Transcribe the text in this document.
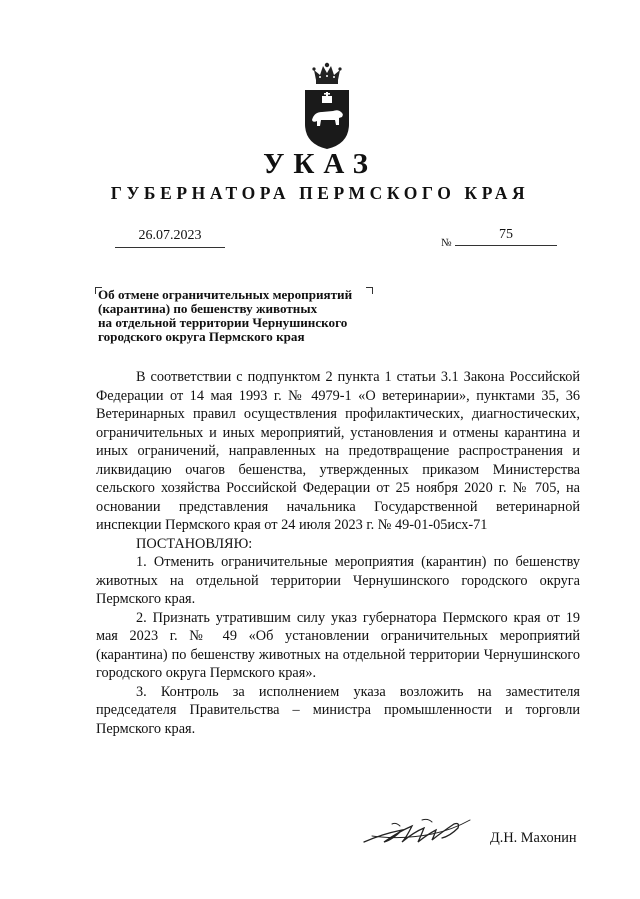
УКАЗ
ГУБЕРНАТОРА ПЕРМСКОГО КРАЯ
26.07.2023	№
75
Об отмене ограничительных мероприятий
(карантина) по бешенству животных
на отдельной территории Чернушинского
городского округа Пермского края

В соответствии с подпунктом 2 пункта 1 статьи 3.1 Закона Российской Федерации от 14 мая 1993 г. № 4979-1 «О ветеринарии», пунктами 35, 36 Ветеринарных правил осуществления профилактических, диагностических, ограничительных и иных мероприятий, установления и отмены карантина и иных ограничений, направленных на предотвращение распространения и ликвидацию очагов бешенства, утвержденных приказом Министерства сельского хозяйства Российской Федерации от 25 ноября 2020 г. № 705, на основании представления начальника Государственной ветеринарной инспекции Пермского края от 24 июля 2023 г. № 49-01-05исх-71

ПОСТАНОВЛЯЮ:

1. Отменить ограничительные мероприятия (карантин) по бешенству животных на отдельной территории Чернушинского городского округа Пермского края.

2. Признать утратившим силу указ губернатора Пермского края от 19 мая 2023 г. № 49 «Об установлении ограничительных мероприятий (карантина) по бешенству животных на отдельной территории Чернушинского городского округа Пермского края».

3. Контроль за исполнением указа возложить на заместителя председателя Правительства – министра промышленности и торговли Пермского края.

Д.Н. Махонин
